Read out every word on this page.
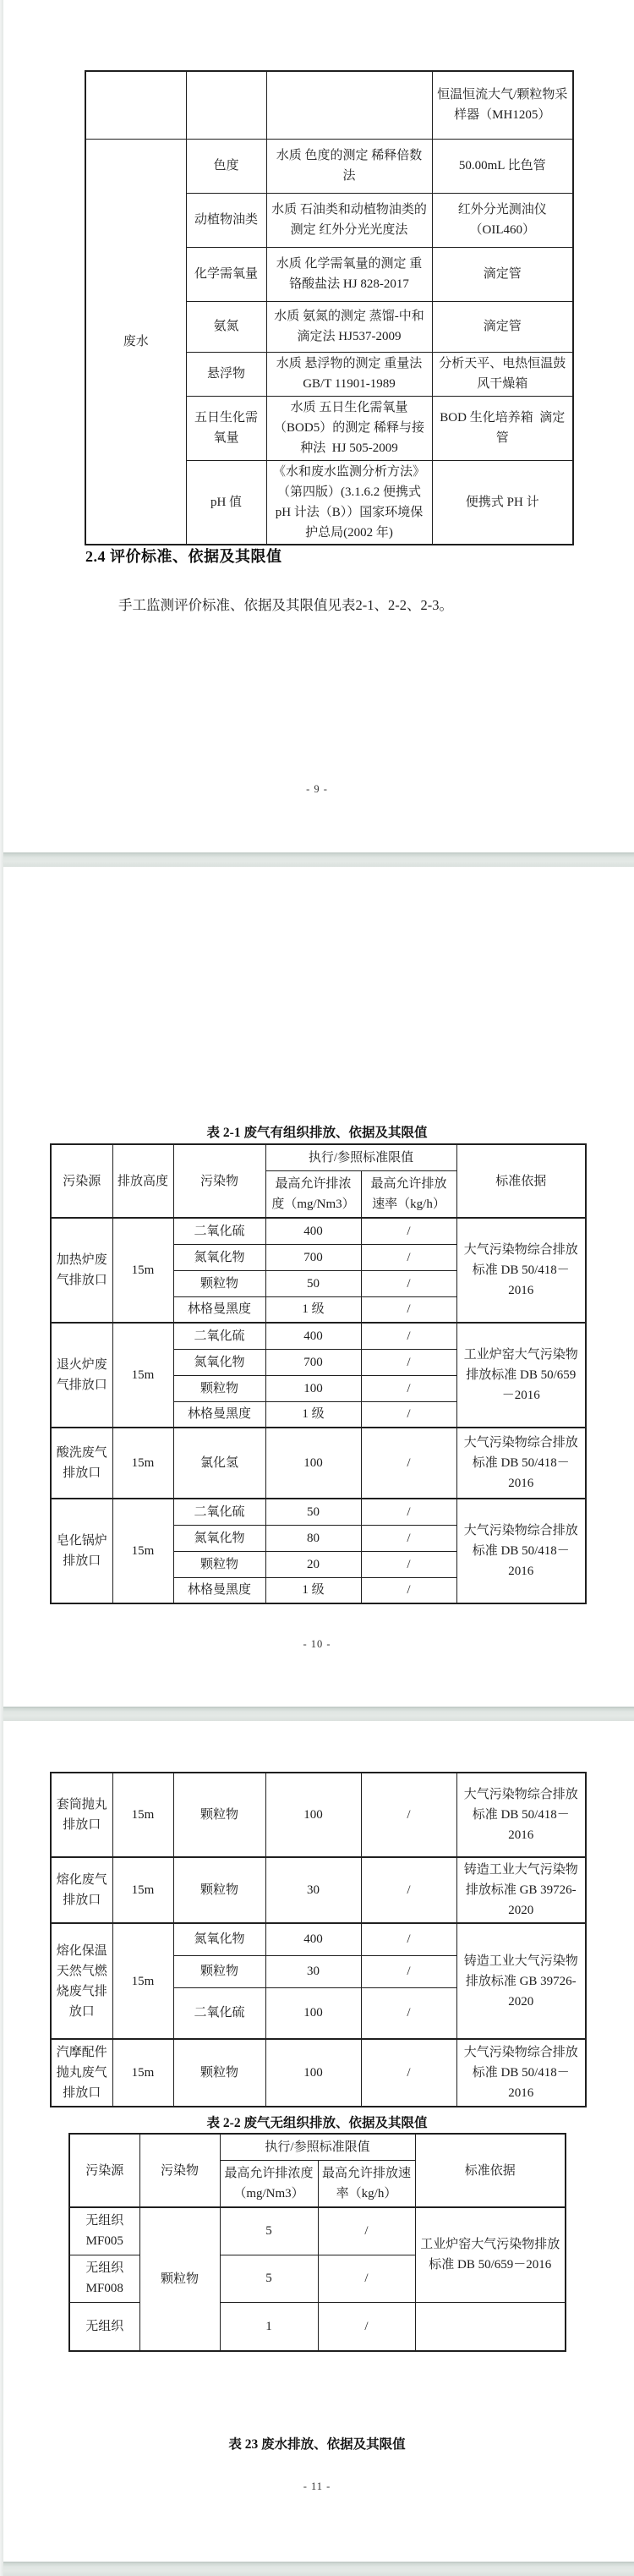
			恒温恒流大气/颗粒物采样器（MH1205）
废水	色度	水质 色度的测定 稀释倍数法	50.00mL 比色管
	动植物油类	水质 石油类和动植物油类的测定 红外分光光度法	红外分光测油仪（OIL460）
	化学需氧量	水质 化学需氧量的测定 重铬酸盐法 HJ 828-2017	滴定管
	氨氮	水质 氨氮的测定 蒸馏-中和滴定法 HJ537-2009	滴定管
	悬浮物	水质 悬浮物的测定 重量法 GB/T 11901-1989	分析天平、电热恒温鼓风干燥箱
	五日生化需氧量	水质 五日生化需氧量（BOD5）的测定 稀释与接种法  HJ 505-2009	BOD 生化培养箱  滴定管
	pH 值	《水和废水监测分析方法》（第四版）(3.1.6.2 便携式 pH 计法（B））国家环境保护总局(2002 年)	便携式 PH 计
2.4 评价标准、依据及其限值
手工监测评价标准、依据及其限值见表2-1、2-2、2-3。
- 9 -
表 2-1 废气有组织排放、依据及其限值
污染源	排放高度	污染物	执行/参照标准限值		标准依据
			最高允许排浓度（mg/Nm3）	最高允许排放速率（kg/h）	
加热炉废气排放口	15m	二氧化硫	400	/	大气污染物综合排放标准 DB 50/418－2016
		氮氧化物	700	/	
		颗粒物	50	/	
		林格曼黑度	1 级	/	
退火炉废气排放口	15m	二氧化硫	400	/	工业炉窑大气污染物排放标准 DB 50/659－2016
		氮氧化物	700	/	
		颗粒物	100	/	
		林格曼黑度	1 级	/	
酸洗废气排放口	15m	氯化氢	100	/	大气污染物综合排放标准 DB 50/418－2016
皂化锅炉排放口	15m	二氧化硫	50	/	大气污染物综合排放标准 DB 50/418－2016
		氮氧化物	80	/	
		颗粒物	20	/	
		林格曼黑度	1 级	/	
- 10 -
套筒抛丸排放口	15m	颗粒物	100	/	大气污染物综合排放标准 DB 50/418－2016
熔化废气排放口	15m	颗粒物	30	/	铸造工业大气污染物排放标准 GB 39726-2020
熔化保温天然气燃烧废气排放口	15m	氮氧化物	400	/	铸造工业大气污染物排放标准 GB 39726-2020
		颗粒物	30	/	
		二氧化硫	100	/	
汽摩配件抛丸废气排放口	15m	颗粒物	100	/	大气污染物综合排放标准 DB 50/418－2016
表 2-2 废气无组织排放、依据及其限值
污染源	污染物	执行/参照标准限值		标准依据
		最高允许排浓度（mg/Nm3）	最高允许排放速率（kg/h）	
无组织 MF005	颗粒物	5	/	工业炉窑大气污染物排放标准 DB 50/659－2016
无组织 MF008		5	/	
无组织		1	/	
表 23 废水排放、依据及其限值
- 11 -
